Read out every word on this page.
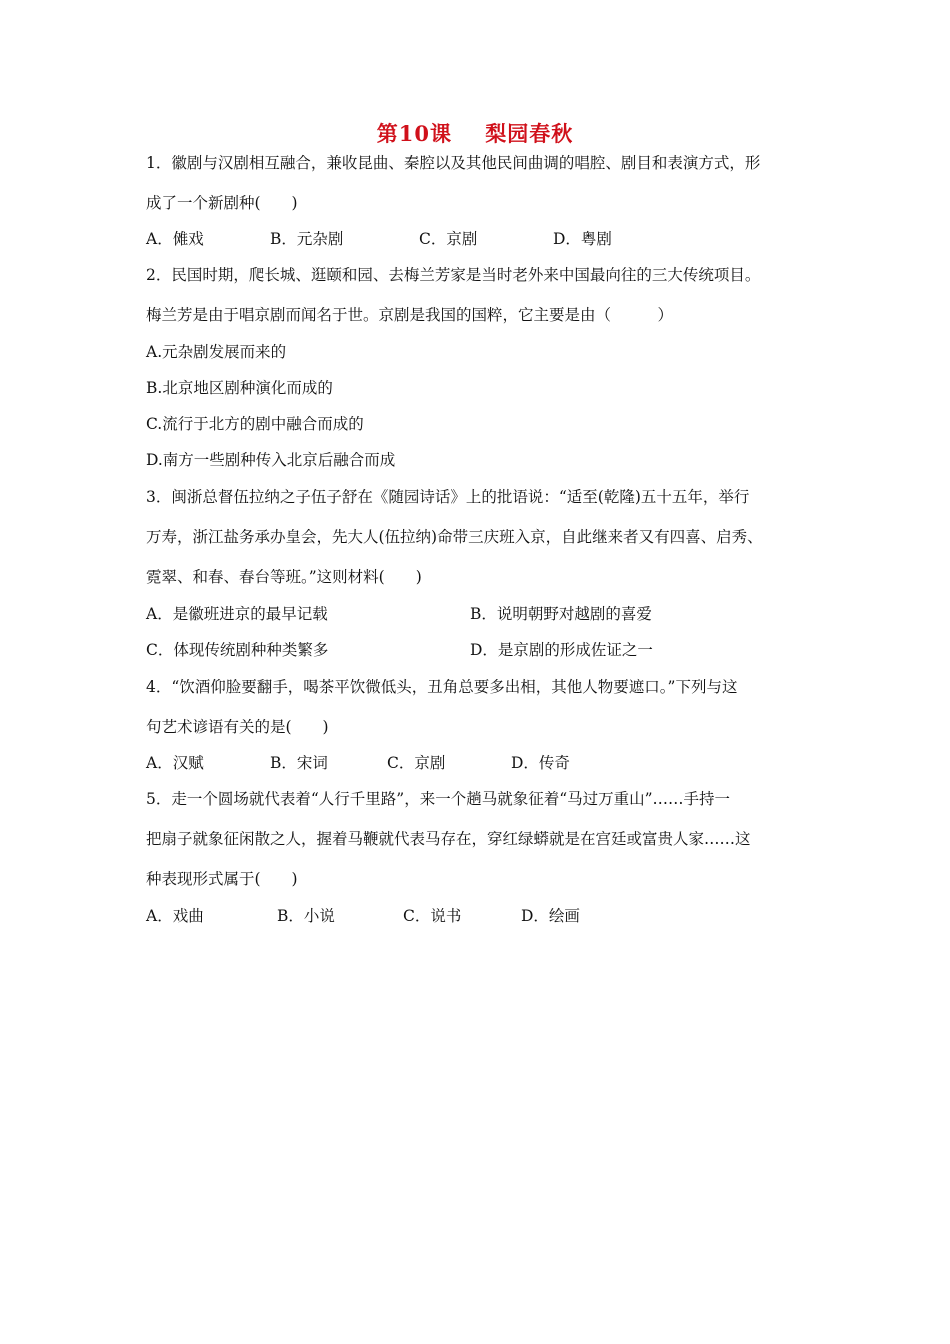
第10课    梨园春秋
1．徽剧与汉剧相互融合，兼收昆曲、秦腔以及其他民间曲调的唱腔、剧目和表演方式，形
成了一个新剧种(　　)
A．傩戏	B．元杂剧	C．京剧	D．粤剧
2．民国时期，爬长城、逛颐和园、去梅兰芳家是当时老外来中国最向往的三大传统项目。
梅兰芳是由于唱京剧而闻名于世。京剧是我国的国粹，它主要是由（　　　）
A.元杂剧发展而来的
B.北京地区剧种演化而成的
C.流行于北方的剧中融合而成的
D.南方一些剧种传入北京后融合而成
3．闽浙总督伍拉纳之子伍子舒在《随园诗话》上的批语说：“适至(乾隆)五十五年，举行
万寿，浙江盐务承办皇会，先大人(伍拉纳)命带三庆班入京，自此继来者又有四喜、启秀、
霓翠、和春、春台等班。”这则材料(　　)
A．是徽班进京的最早记载	B．说明朝野对越剧的喜爱
C．体现传统剧种种类繁多	D．是京剧的形成佐证之一
4．“饮酒仰脸要翻手，喝茶平饮微低头，丑角总要多出相，其他人物要遮口。”下列与这
句艺术谚语有关的是(　　)
A．汉赋	B．宋词	C．京剧	D．传奇
5．走一个圆场就代表着“人行千里路”，来一个趟马就象征着“马过万重山”……手持一
把扇子就象征闲散之人，握着马鞭就代表马存在，穿红绿蟒就是在宫廷或富贵人家……这
种表现形式属于(　　)
A．戏曲	B．小说	C．说书	D．绘画
